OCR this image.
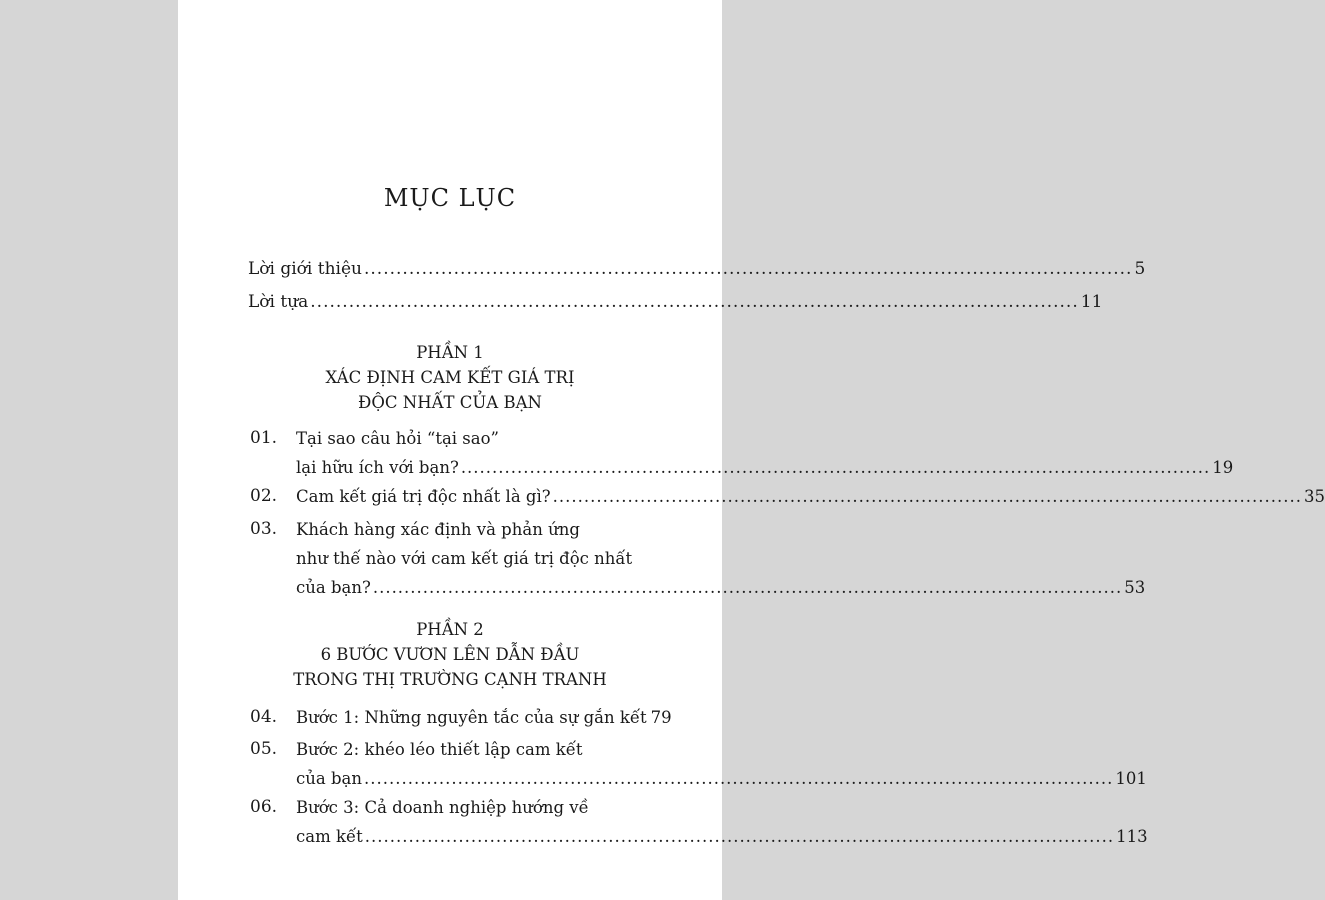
MỤC LỤC
Lời giới thiệu ........................................................................................................................ 5
Lời tựa ........................................................................................................................ 11
PHẦN 1
XÁC ĐỊNH CAM KẾT GIÁ TRỊ
ĐỘC NHẤT CỦA BẠN
01.	Tại sao câu hỏi “tại sao”
lại hữu ích với bạn? ........................................................................................................................ 19
02.	Cam kết giá trị độc nhất là gì? ........................................................................................................................ 35
03.	Khách hàng xác định và phản ứng
như thế nào với cam kết giá trị độc nhất
của bạn? ........................................................................................................................ 53
PHẦN 2
6 BƯỚC VƯƠN LÊN DẪN ĐẦU
TRONG THỊ TRƯỜNG CẠNH TRANH
04.	Bước 1: Những nguyên tắc của sự gắn kết 79
05.	Bước 2: khéo léo thiết lập cam kết
của bạn ........................................................................................................................ 101
06.	Bước 3: Cả doanh nghiệp hướng về
cam kết ........................................................................................................................ 113
